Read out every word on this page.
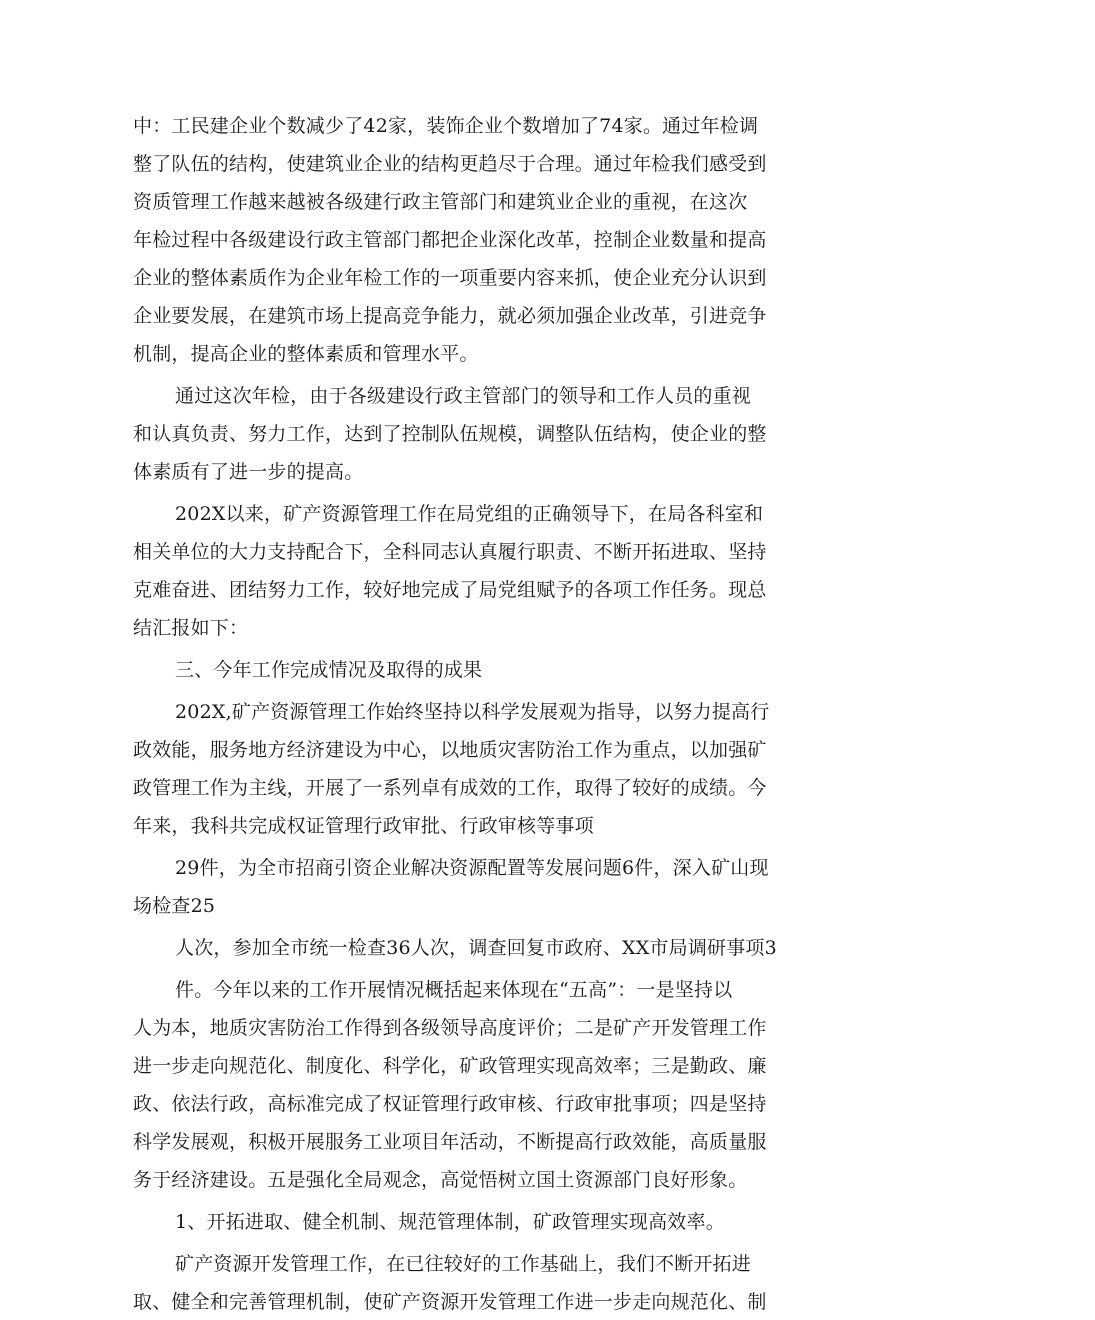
中：工民建企业个数减少了42家，装饰企业个数增加了74家。通过年检调

整了队伍的结构，使建筑业企业的结构更趋尽于合理。通过年检我们感受到

资质管理工作越来越被各级建行政主管部门和建筑业企业的重视，在这次

年检过程中各级建设行政主管部门都把企业深化改革，控制企业数量和提高

企业的整体素质作为企业年检工作的一项重要内容来抓，使企业充分认识到

企业要发展，在建筑市场上提高竞争能力，就必须加强企业改革，引进竞争

机制，提高企业的整体素质和管理水平。

通过这次年检，由于各级建设行政主管部门的领导和工作人员的重视

和认真负责、努力工作，达到了控制队伍规模，调整队伍结构，使企业的整

体素质有了进一步的提高。

202X以来，矿产资源管理工作在局党组的正确领导下，在局各科室和

相关单位的大力支持配合下，全科同志认真履行职责、不断开拓进取、坚持

克难奋进、团结努力工作，较好地完成了局党组赋予的各项工作任务。现总

结汇报如下：

三、今年工作完成情况及取得的成果

202X,矿产资源管理工作始终坚持以科学发展观为指导，以努力提高行

政效能，服务地方经济建设为中心，以地质灾害防治工作为重点，以加强矿

政管理工作为主线，开展了一系列卓有成效的工作，取得了较好的成绩。今

年来，我科共完成权证管理行政审批、行政审核等事项

29件，为全市招商引资企业解决资源配置等发展问题6件，深入矿山现

场检查25

人次，参加全市统一检查36人次，调查回复市政府、XX市局调研事项3

件。今年以来的工作开展情况概括起来体现在“五高”：一是坚持以

人为本，地质灾害防治工作得到各级领导高度评价；二是矿产开发管理工作

进一步走向规范化、制度化、科学化，矿政管理实现高效率；三是勤政、廉

政、依法行政，高标准完成了权证管理行政审核、行政审批事项；四是坚持

科学发展观，积极开展服务工业项目年活动，不断提高行政效能，高质量服

务于经济建设。五是强化全局观念，高觉悟树立国土资源部门良好形象。

1、开拓进取、健全机制、规范管理体制，矿政管理实现高效率。

矿产资源开发管理工作，在已往较好的工作基础上，我们不断开拓进

取、健全和完善管理机制，使矿产资源开发管理工作进一步走向规范化、制
